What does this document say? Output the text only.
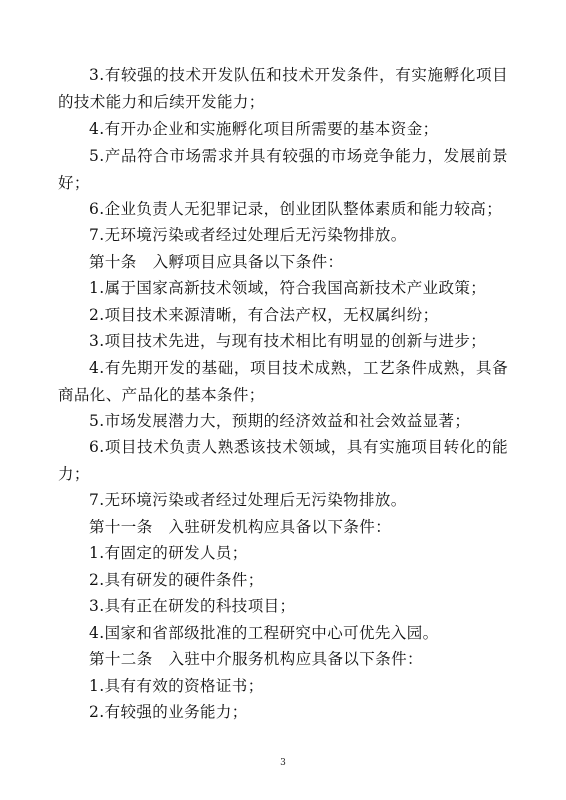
3.有较强的技术开发队伍和技术开发条件，有实施孵化项目的技术能力和后续开发能力；

4.有开办企业和实施孵化项目所需要的基本资金；

5.产品符合市场需求并具有较强的市场竞争能力，发展前景好；

6.企业负责人无犯罪记录，创业团队整体素质和能力较高；

7.无环境污染或者经过处理后无污染物排放。

第十条　入孵项目应具备以下条件：

1.属于国家高新技术领域，符合我国高新技术产业政策；

2.项目技术来源清晰，有合法产权，无权属纠纷；

3.项目技术先进，与现有技术相比有明显的创新与进步；

4.有先期开发的基础，项目技术成熟，工艺条件成熟，具备商品化、产品化的基本条件；

5.市场发展潜力大，预期的经济效益和社会效益显著；

6.项目技术负责人熟悉该技术领域，具有实施项目转化的能力；

7.无环境污染或者经过处理后无污染物排放。

第十一条　入驻研发机构应具备以下条件：

1.有固定的研发人员；

2.具有研发的硬件条件；

3.具有正在研发的科技项目；

4.国家和省部级批准的工程研究中心可优先入园。

第十二条　入驻中介服务机构应具备以下条件：

1.具有有效的资格证书；

2.有较强的业务能力；

3
